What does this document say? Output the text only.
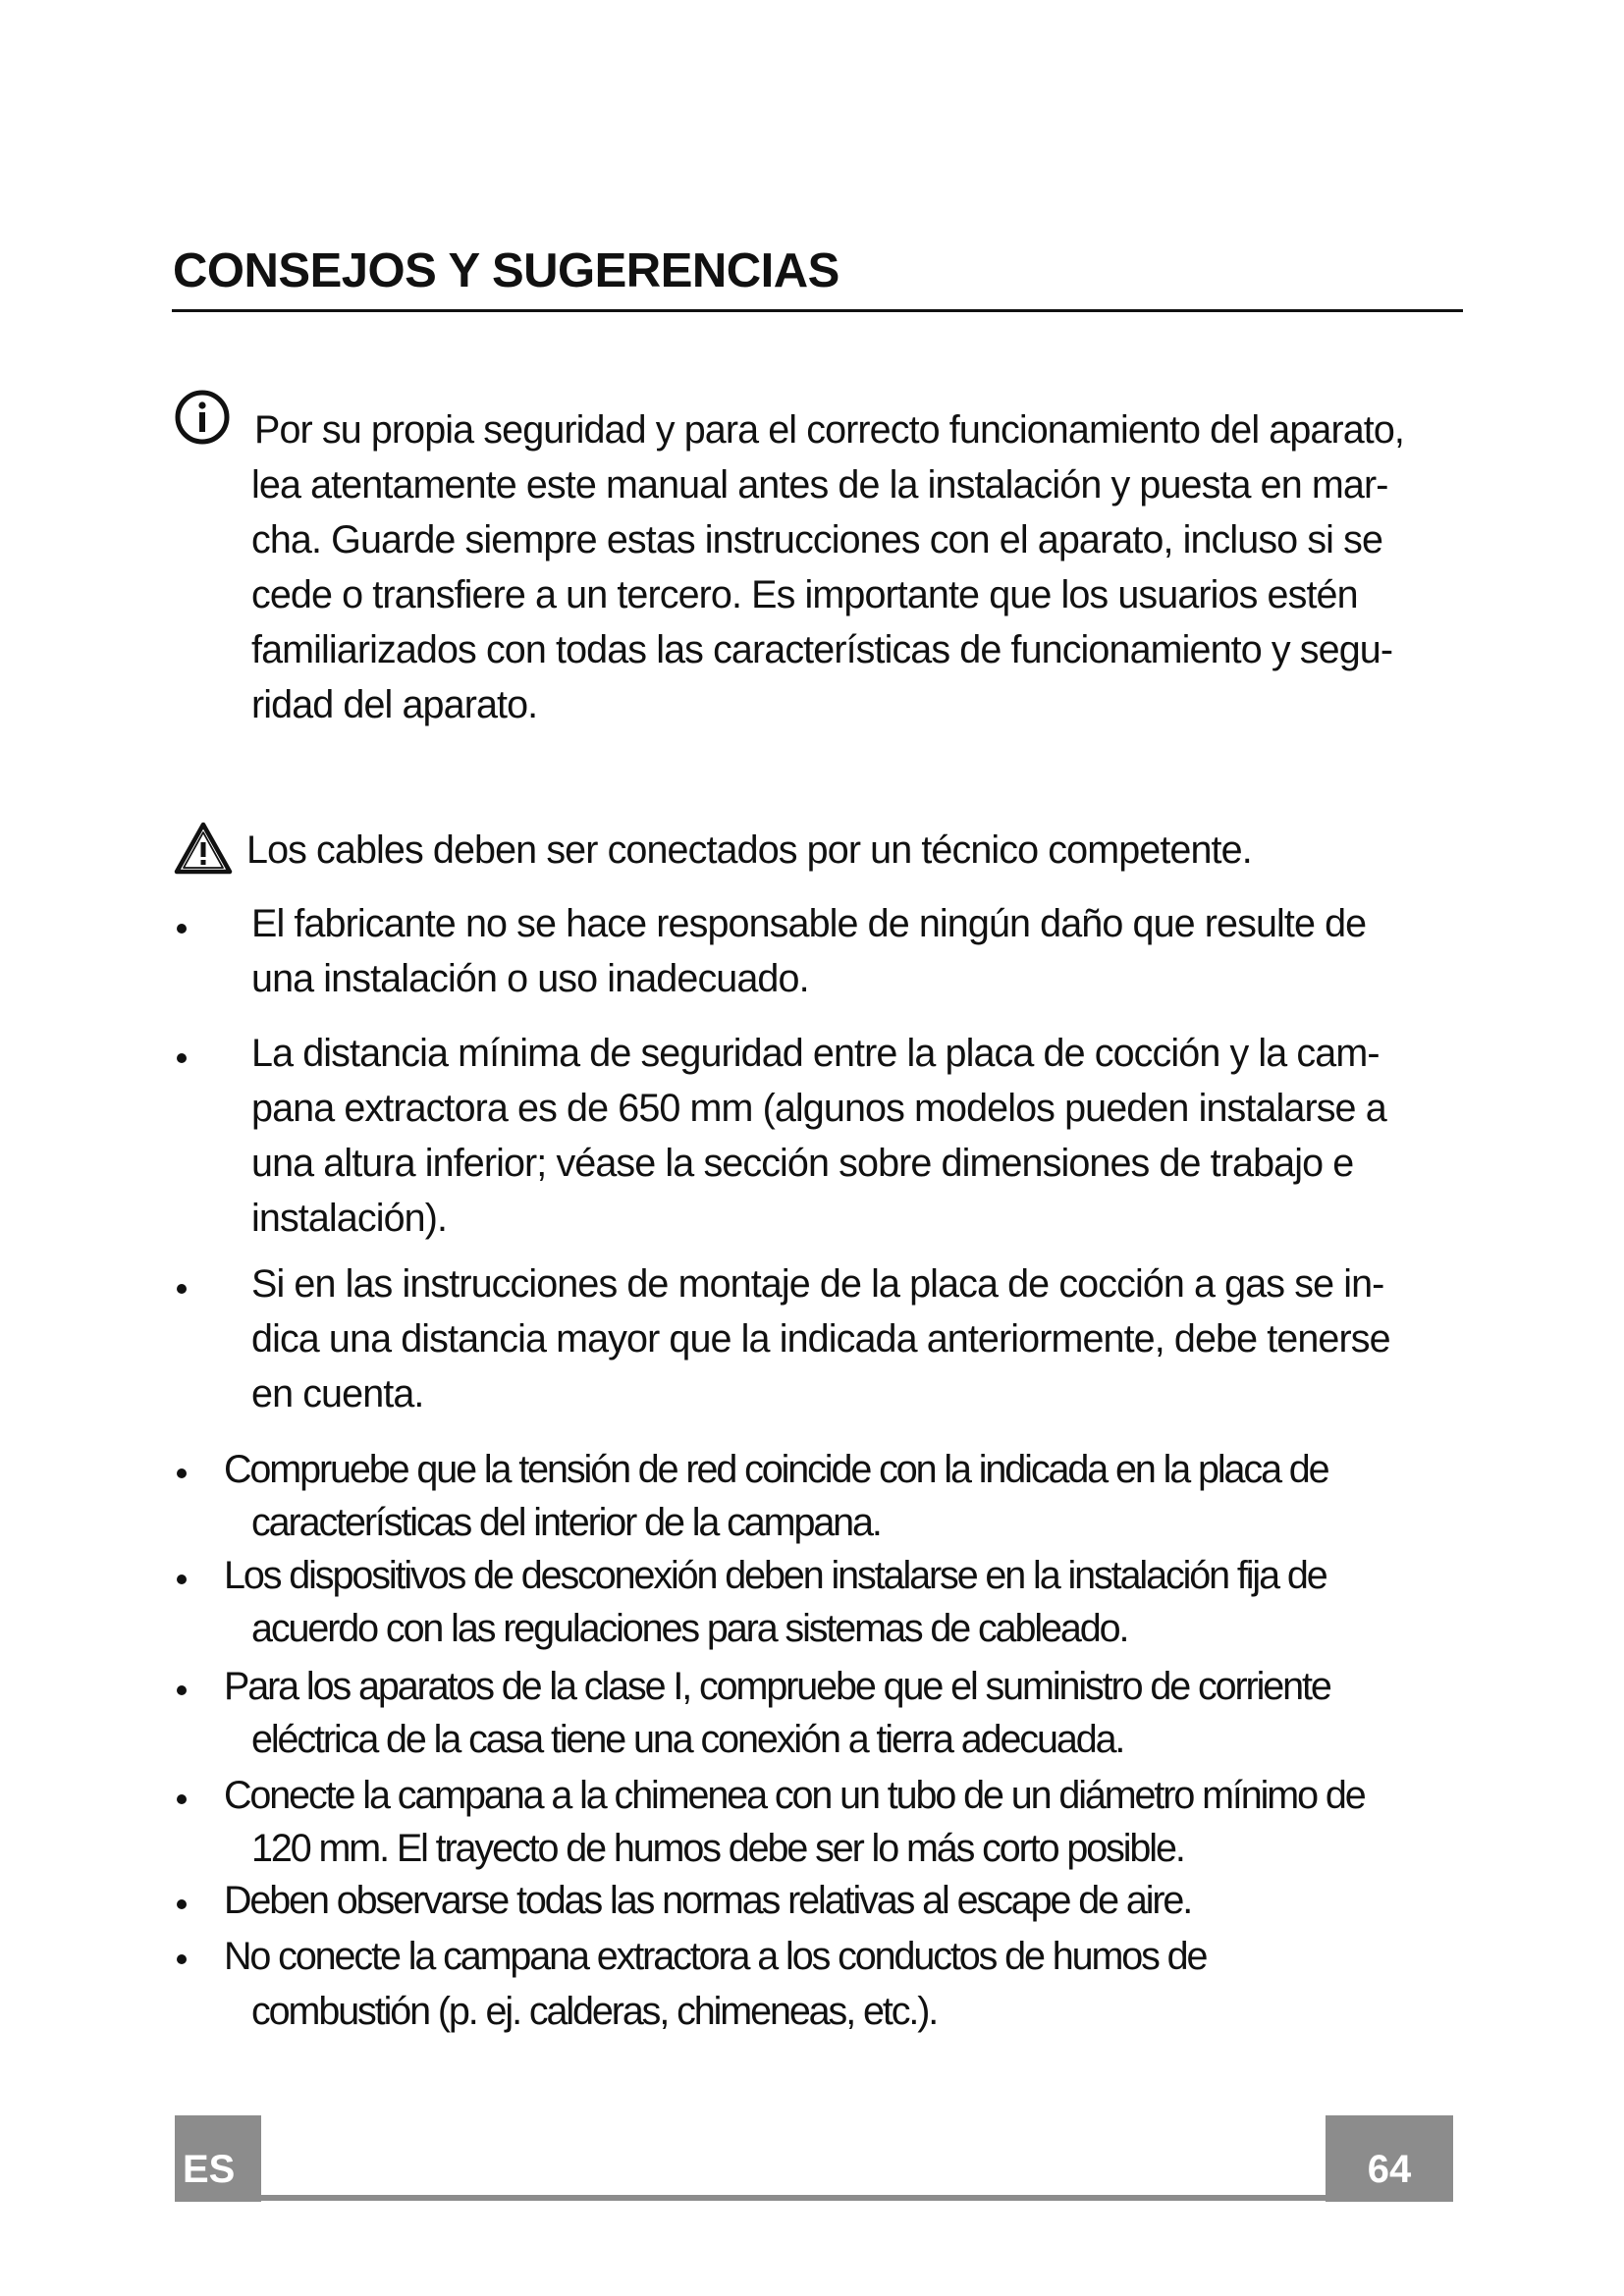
CONSEJOS Y SUGERENCIAS
Por su propia seguridad y para el correcto funcionamiento del aparato,
lea atentamente este manual antes de la instalación y puesta en mar-
cha. Guarde siempre estas instrucciones con el aparato, incluso si se
cede o transfiere a un tercero. Es importante que los usuarios estén
familiarizados con todas las características de funcionamiento y segu-
ridad del aparato.
Los cables deben ser conectados por un técnico competente.
El fabricante no se hace responsable de ningún daño que resulte de
una instalación o uso inadecuado.
La distancia mínima de seguridad entre la placa de cocción y la cam-
pana extractora es de 650 mm (algunos modelos pueden instalarse a
una altura inferior; véase la sección sobre dimensiones de trabajo e
instalación).
Si en las instrucciones de montaje de la placa de cocción a gas se in-
dica una distancia mayor que la indicada anteriormente, debe tenerse
en cuenta.
Compruebe que la tensión de red coincide con la indicada en la placa de
características del interior de la campana.
Los dispositivos de desconexión deben instalarse en la instalación fija de
acuerdo con las regulaciones para sistemas de cableado.
Para los aparatos de la clase I, compruebe que el suministro de corriente
eléctrica de la casa tiene una conexión a tierra adecuada.
Conecte la campana a la chimenea con un tubo de un diámetro mínimo de
120 mm. El trayecto de humos debe ser lo más corto posible.
Deben observarse todas las normas relativas al escape de aire.
No conecte la campana extractora a los conductos de humos de
combustión (p. ej. calderas, chimeneas, etc.).
ES	64
